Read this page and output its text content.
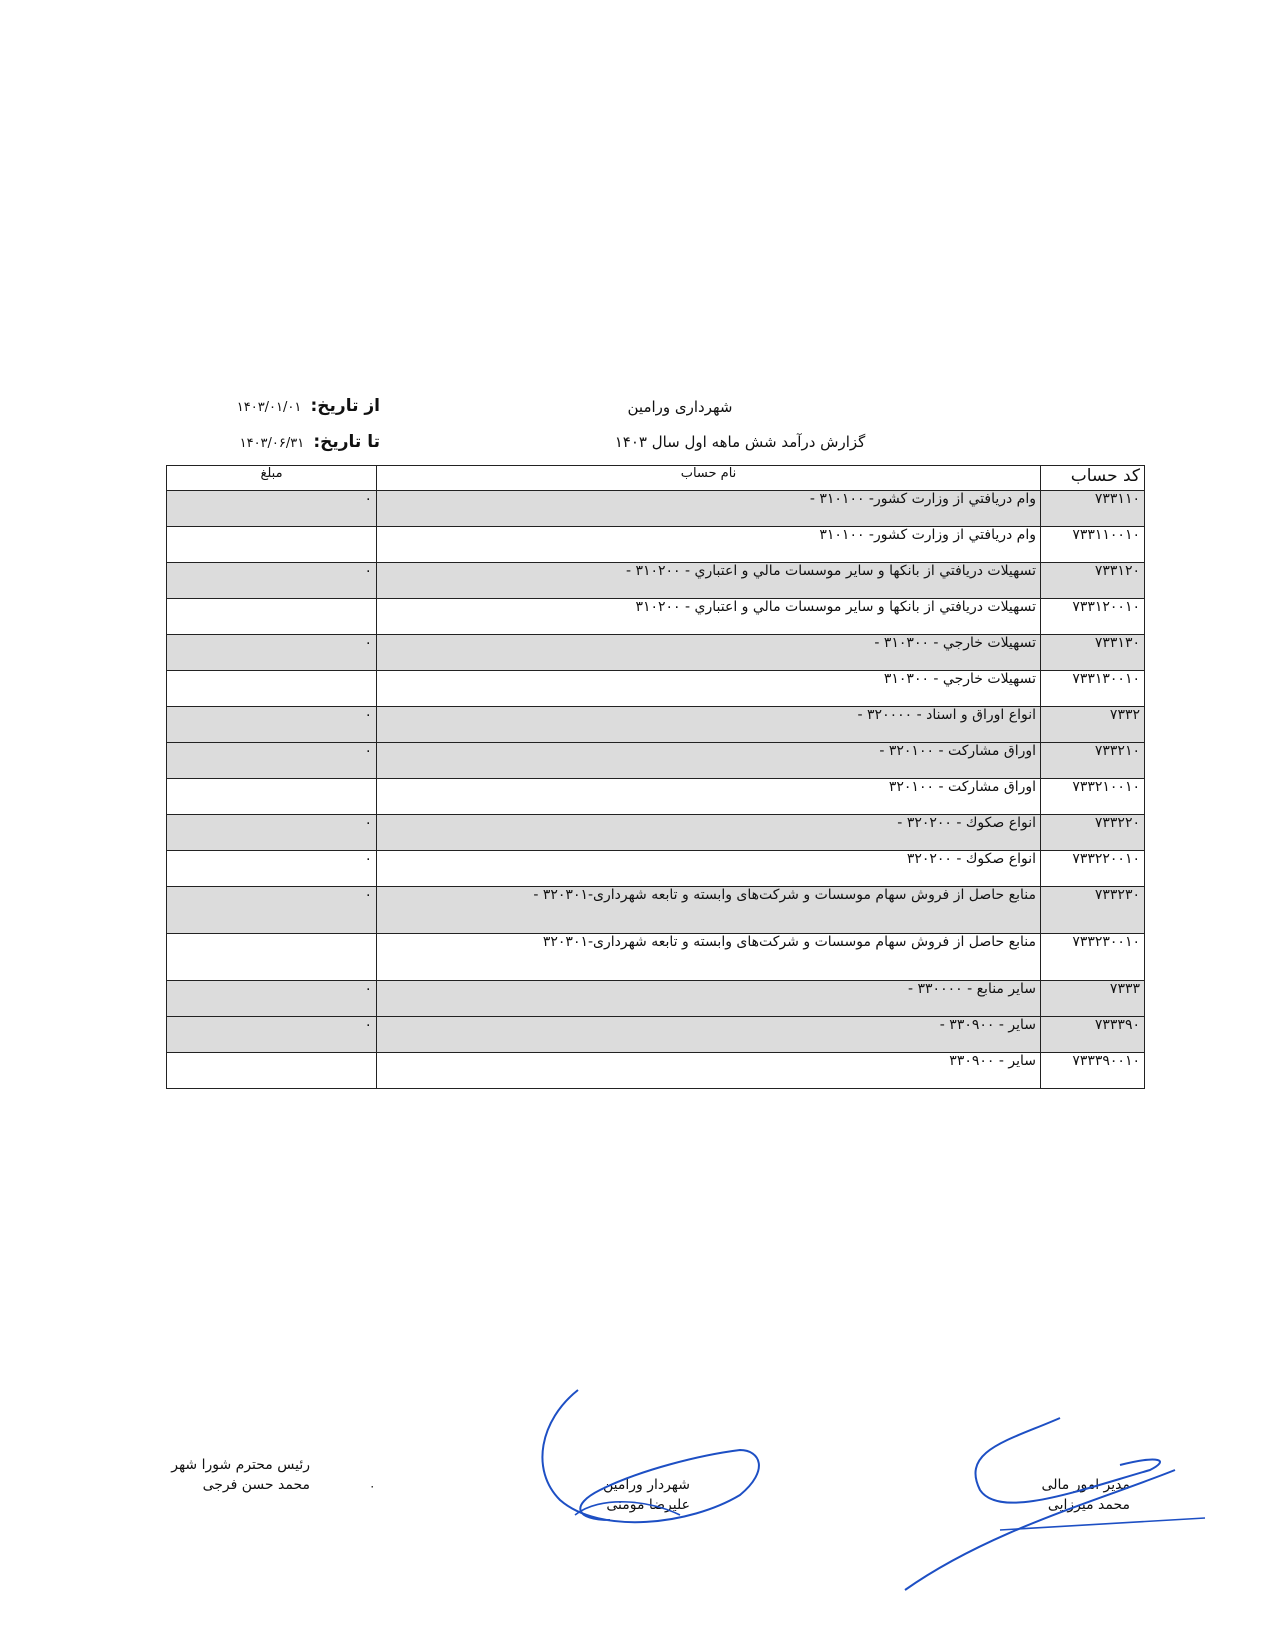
شهرداری ورامین
گزارش درآمد شش ماهه اول سال ۱۴۰۳
از تاریخ: ۱۴۰۳/۰۱/۰۱
تا تاریخ: ۱۴۰۳/۰۶/۳۱
کد حساب	نام حساب	مبلغ
۷۳۳۱۱۰	وام دريافتي از وزارت كشور- ۳۱۰۱۰۰ -	۰
۷۳۳۱۱۰۰۱۰	وام دريافتي از وزارت كشور- ۳۱۰۱۰۰	
۷۳۳۱۲۰	تسهيلات دريافتي از بانكها و ساير موسسات مالي و اعتباري - ۳۱۰۲۰۰ -	۰
۷۳۳۱۲۰۰۱۰	تسهيلات دريافتي از بانكها و ساير موسسات مالي و اعتباري - ۳۱۰۲۰۰	
۷۳۳۱۳۰	تسهيلات خارجي - ۳۱۰۳۰۰ -	۰
۷۳۳۱۳۰۰۱۰	تسهيلات خارجي - ۳۱۰۳۰۰	
۷۳۳۲	انواع اوراق و اسناد - ۳۲۰۰۰۰ -	۰
۷۳۳۲۱۰	اوراق مشاركت - ۳۲۰۱۰۰ -	۰
۷۳۳۲۱۰۰۱۰	اوراق مشاركت - ۳۲۰۱۰۰	
۷۳۳۲۲۰	انواع صكوك - ۳۲۰۲۰۰ -	۰
۷۳۳۲۲۰۰۱۰	انواع صكوك - ۳۲۰۲۰۰	۰
۷۳۳۲۳۰	منابع حاصل از فروش سهام موسسات و شرکت‌های وابسته و تابعه شهرداری-۳۲۰۳۰۱ -	۰
۷۳۳۲۳۰۰۱۰	منابع حاصل از فروش سهام موسسات و شرکت‌های وابسته و تابعه شهرداری-۳۲۰۳۰۱	
۷۳۳۳	ساير منابع - ۳۳۰۰۰۰ -	۰
۷۳۳۳۹۰	ساير - ۳۳۰۹۰۰ -	۰
۷۳۳۳۹۰۰۱۰	ساير - ۳۳۰۹۰۰	
رئیس محترم شورا شهر
محمد حسن فرجی	۰	شهردار ورامین
علیرضا مومنی
مدیر امور مالی
محمد میرزایی
